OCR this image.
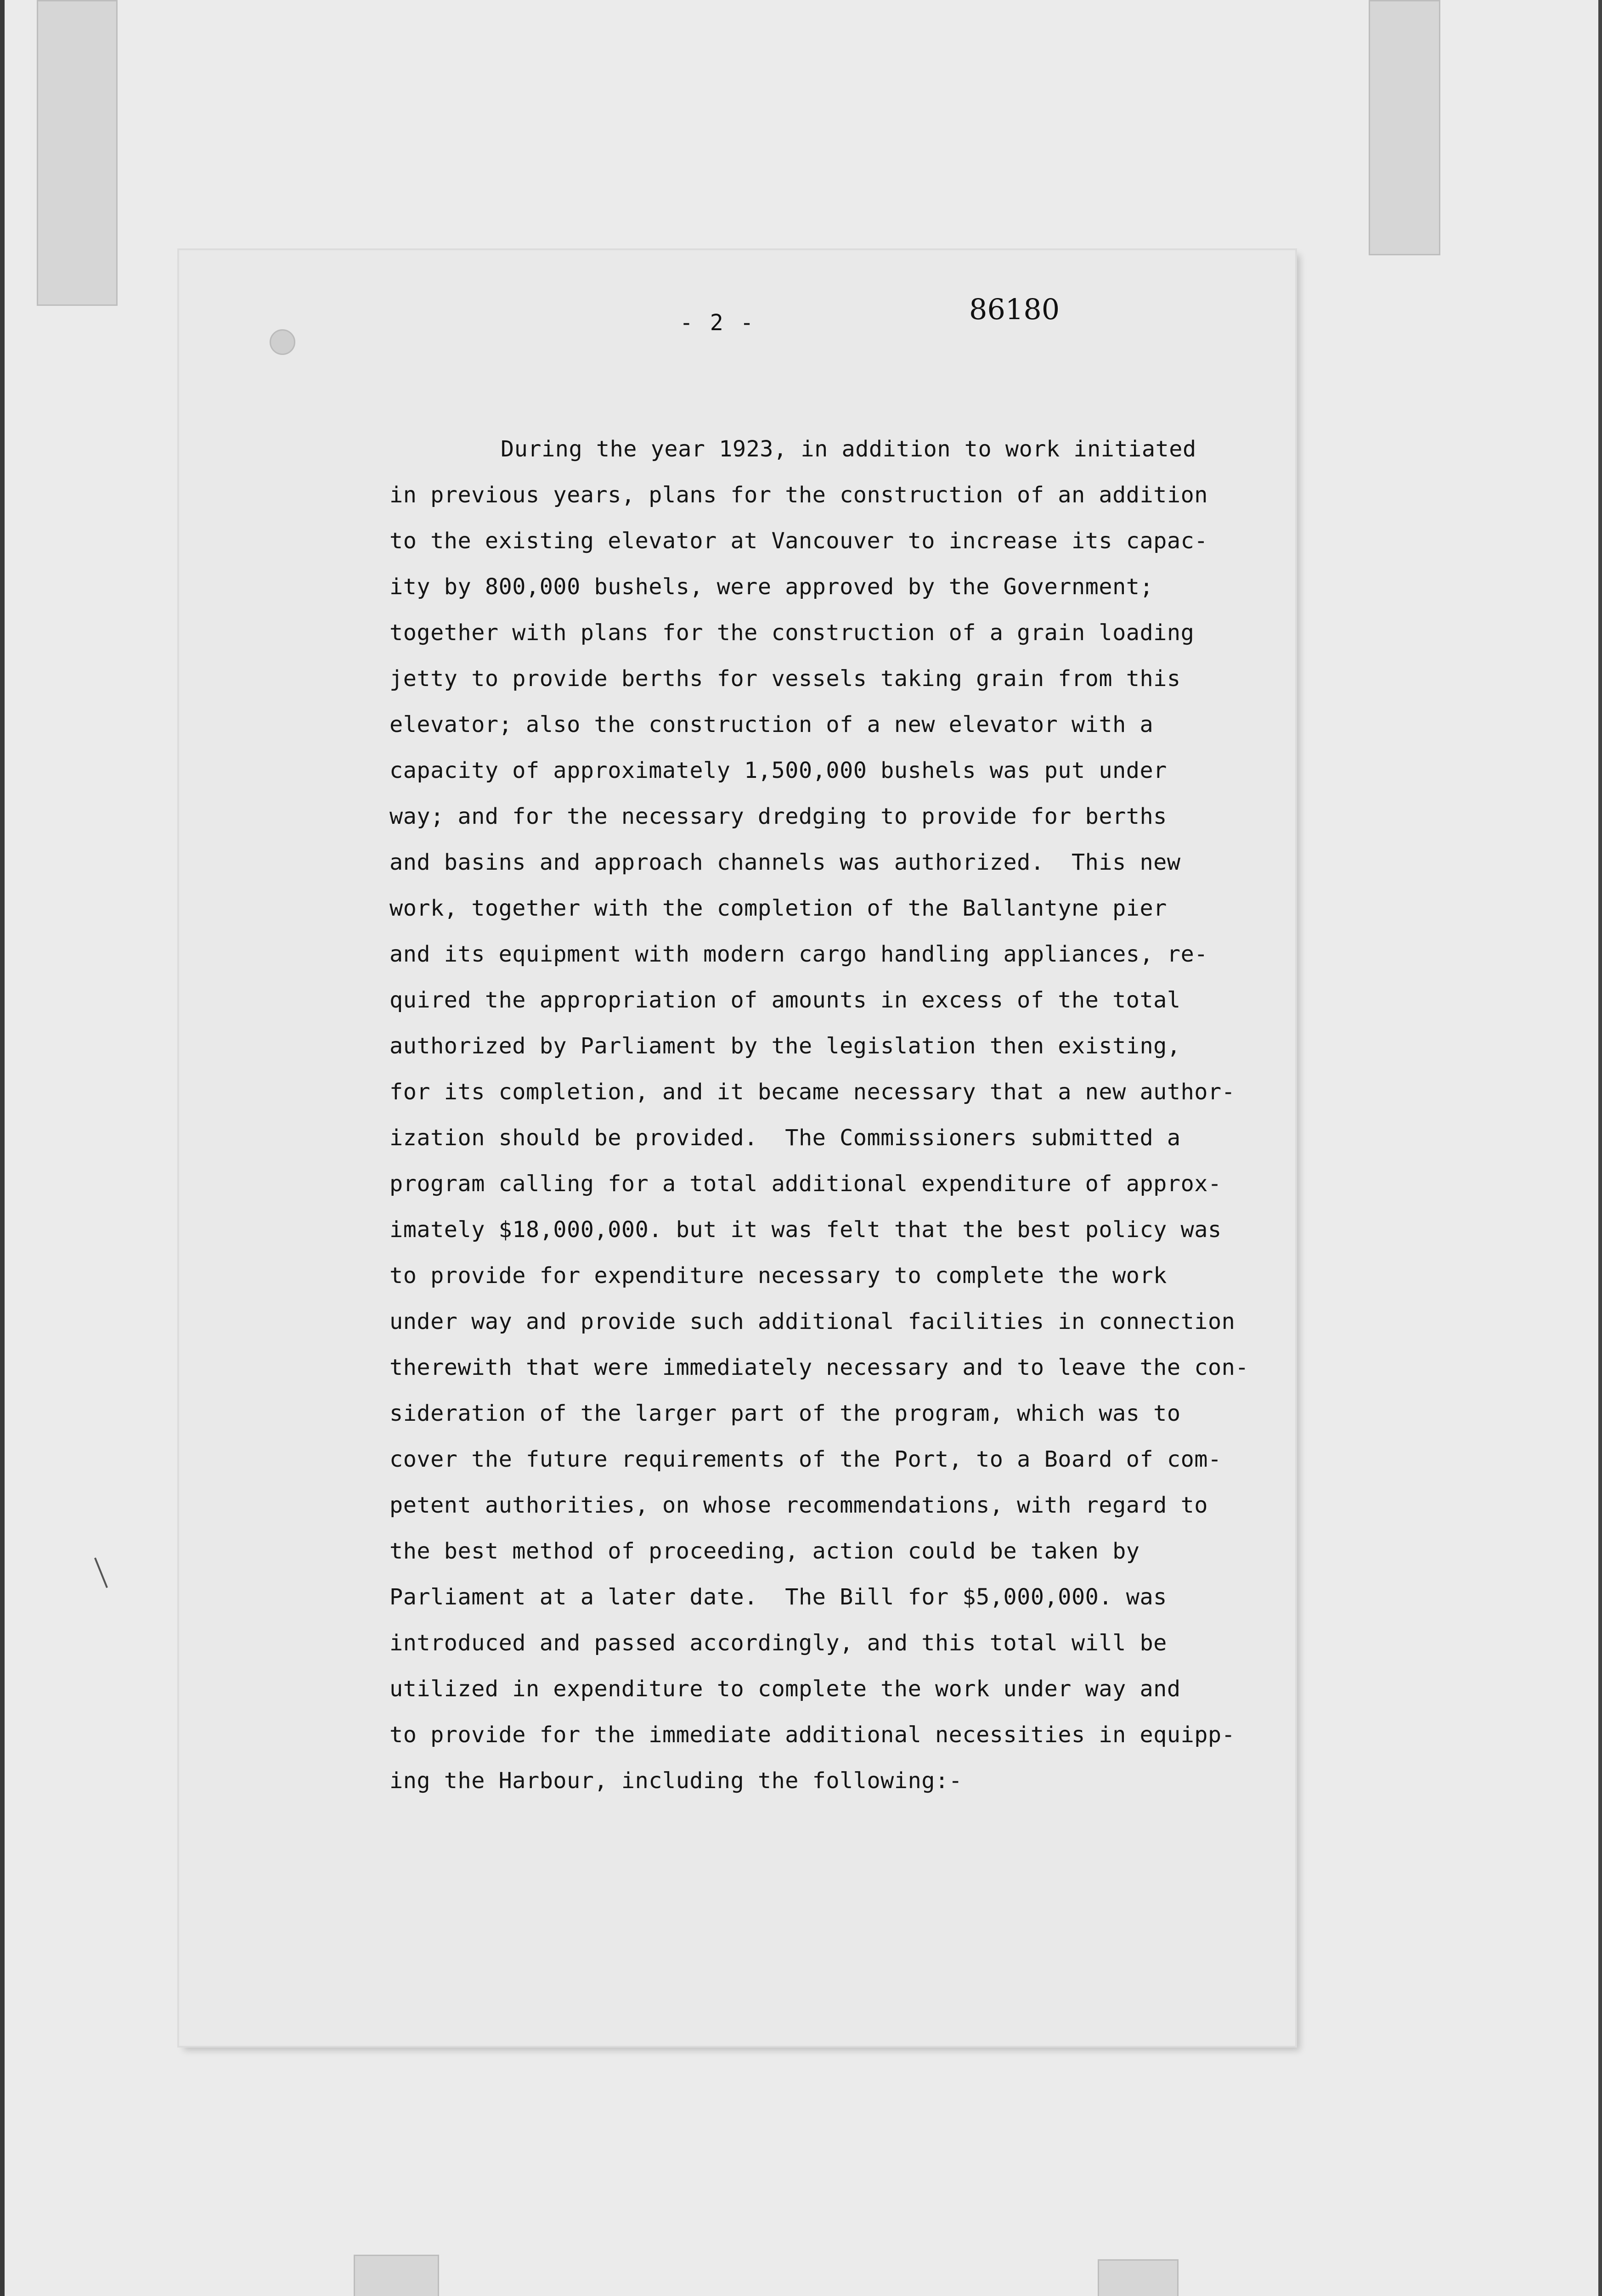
86180
- 2 -
During the year 1923, in addition to work initiated
in previous years, plans for the construction of an addition
to the existing elevator at Vancouver to increase its capac-
ity by 800,000 bushels, were approved by the Government;
together with plans for the construction of a grain loading
jetty to provide berths for vessels taking grain from this
elevator; also the construction of a new elevator with a
capacity of approximately 1,500,000 bushels was put under
way; and for the necessary dredging to provide for berths
and basins and approach channels was authorized.  This new
work, together with the completion of the Ballantyne pier
and its equipment with modern cargo handling appliances, re-
quired the appropriation of amounts in excess of the total
authorized by Parliament by the legislation then existing,
for its completion, and it became necessary that a new author-
ization should be provided.  The Commissioners submitted a
program calling for a total additional expenditure of approx-
imately $18,000,000. but it was felt that the best policy was
to provide for expenditure necessary to complete the work
under way and provide such additional facilities in connection
therewith that were immediately necessary and to leave the con-
sideration of the larger part of the program, which was to
cover the future requirements of the Port, to a Board of com-
petent authorities, on whose recommendations, with regard to
the best method of proceeding, action could be taken by
Parliament at a later date.  The Bill for $5,000,000. was
introduced and passed accordingly, and this total will be
utilized in expenditure to complete the work under way and
to provide for the immediate additional necessities in equipp-
ing the Harbour, including the following:-
